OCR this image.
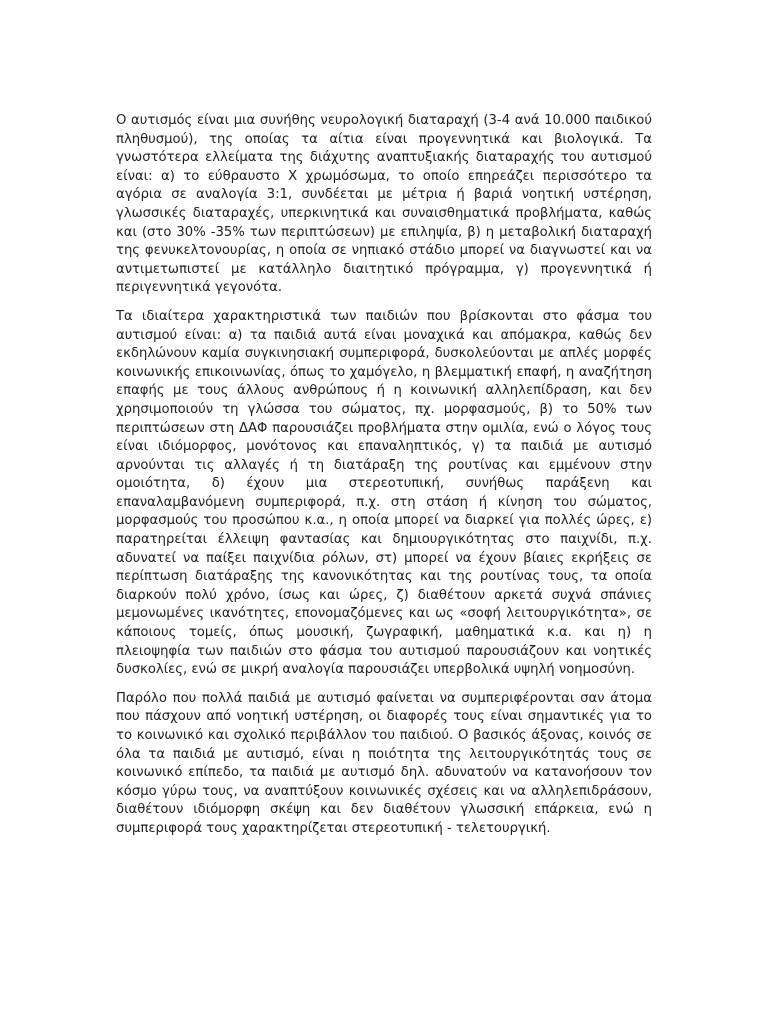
Ο αυτισμός είναι μια συνήθης νευρολογική διαταραχή (3-4 ανά 10.000 παιδικού πληθυσμού), της οποίας τα αίτια είναι προγεννητικά και βιολογικά. Τα γνωστότερα ελλείματα της διάχυτης αναπτυξιακής διαταραχής του αυτισμού είναι: α) το εύθραυστο Χ χρωμόσωμα, το οποίο επηρεάζει περισσότερο τα αγόρια σε αναλογία 3:1, συνδέεται με μέτρια ή βαριά νοητική υστέρηση, γλωσσικές διαταραχές, υπερκινητικά και συναισθηματικά προβλήματα, καθώς και (στο 30% -35% των περιπτώσεων) με επιληψία, β) η μεταβολική διαταραχή της φενυκελτονουρίας, η οποία σε νηπιακό στάδιο μπορεί να διαγνωστεί και να αντιμετωπιστεί με κατάλληλο διαιτητικό πρόγραμμα, γ) προγεννητικά ή περιγεννητικά γεγονότα.

Τα ιδιαίτερα χαρακτηριστικά των παιδιών που βρίσκονται στο φάσμα του αυτισμού είναι: α) τα παιδιά αυτά είναι μοναχικά και απόμακρα, καθώς δεν εκδηλώνουν καμία συγκινησιακή συμπεριφορά, δυσκολεύονται με απλές μορφές κοινωνικής επικοινωνίας, όπως το χαμόγελο, η βλεμματική επαφή, η αναζήτηση επαφής με τους άλλους ανθρώπους ή η κοινωνική αλληλεπίδραση, και δεν χρησιμοποιούν τη γλώσσα του σώματος, πχ. μορφασμούς, β) το 50% των περιπτώσεων στη ΔΑΦ παρουσιάζει προβλήματα στην ομιλία, ενώ ο λόγος τους είναι ιδιόμορφος, μονότονος και επαναληπτικός, γ) τα παιδιά με αυτισμό αρνούνται τις αλλαγές ή τη διατάραξη της ρουτίνας και εμμένουν στην ομοιότητα, δ) έχουν μια στερεοτυπική, συνήθως παράξενη και επαναλαμβανόμενη συμπεριφορά, π.χ. στη στάση ή κίνηση του σώματος, μορφασμούς του προσώπου κ.α., η οποία μπορεί να διαρκεί για πολλές ώρες, ε) παρατηρείται έλλειψη φαντασίας και δημιουργικότητας στο παιχνίδι, π.χ. αδυνατεί να παίξει παιχνίδια ρόλων, στ) μπορεί να έχουν βίαιες εκρήξεις σε περίπτωση διατάραξης της κανονικότητας και της ρουτίνας τους, τα οποία διαρκούν πολύ χρόνο, ίσως και ώρες, ζ) διαθέτουν αρκετά συχνά σπάνιες μεμονωμένες ικανότητες, επονομαζόμενες και ως «σοφή λειτουργικότητα», σε κάποιους τομείς, όπως μουσική, ζωγραφική, μαθηματικά κ.α. και η) η πλειοψηφία των παιδιών στο φάσμα του αυτισμού παρουσιάζουν και νοητικές δυσκολίες, ενώ σε μικρή αναλογία παρουσιάζει υπερβολικά υψηλή νοημοσύνη.

Παρόλο που πολλά παιδιά με αυτισμό φαίνεται να συμπεριφέρονται σαν άτομα που πάσχουν από νοητική υστέρηση, οι διαφορές τους είναι σημαντικές για το το κοινωνικό και σχολικό περιβάλλον του παιδιού. Ο βασικός άξονας, κοινός σε όλα τα παιδιά με αυτισμό, είναι η ποιότητα της λειτουργικότητάς τους σε κοινωνικό επίπεδο, τα παιδιά με αυτισμό δηλ. αδυνατούν να κατανοήσουν τον κόσμο γύρω τους, να αναπτύξουν κοινωνικές σχέσεις και να αλληλεπιδράσουν, διαθέτουν ιδιόμορφη σκέψη και δεν διαθέτουν γλωσσική επάρκεια, ενώ η συμπεριφορά τους χαρακτηρίζεται στερεοτυπική - τελετουργική.
